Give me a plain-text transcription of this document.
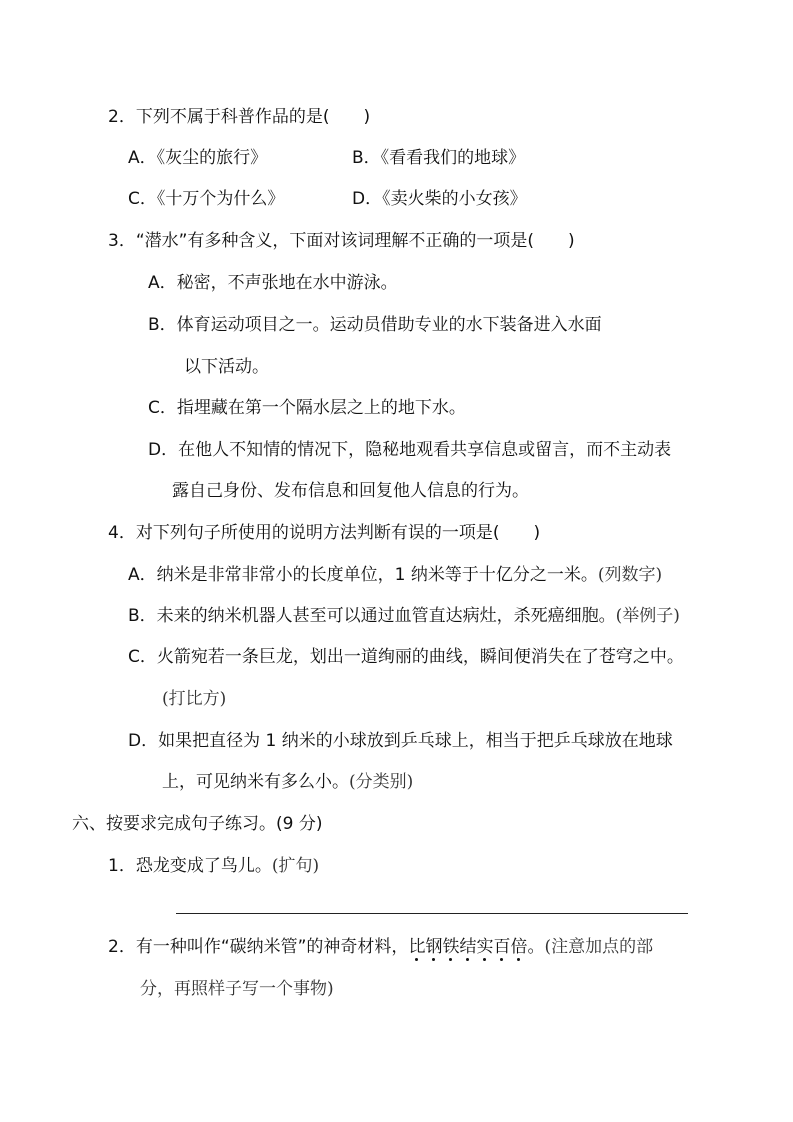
2．下列不属于科普作品的是(　　)
A．《灰尘的旅行》	B．《看看我们的地球》
C．《十万个为什么》	D．《卖火柴的小女孩》
3．“潜水”有多种含义，下面对该词理解不正确的一项是(　　)
A．秘密，不声张地在水中游泳。
B．体育运动项目之一。运动员借助专业的水下装备进入水面
以下活动。
C．指埋藏在第一个隔水层之上的地下水。
D．在他人不知情的情况下，隐秘地观看共享信息或留言，而不主动表
露自己身份、发布信息和回复他人信息的行为。
4．对下列句子所使用的说明方法判断有误的一项是(　　)
A．纳米是非常非常小的长度单位，1 纳米等于十亿分之一米。(列数字)
B．未来的纳米机器人甚至可以通过血管直达病灶，杀死癌细胞。(举例子)
C．火箭宛若一条巨龙，划出一道绚丽的曲线，瞬间便消失在了苍穹之中。
(打比方)
D．如果把直径为 1 纳米的小球放到乒乓球上，相当于把乒乓球放在地球
上，可见纳米有多么小。(分类别)
六、按要求完成句子练习。(9 分)
1．恐龙变成了鸟儿。(扩句)
2．有一种叫作“碳纳米管”的神奇材料，比钢铁结实百倍。(注意加点的部
分，再照样子写一个事物)
